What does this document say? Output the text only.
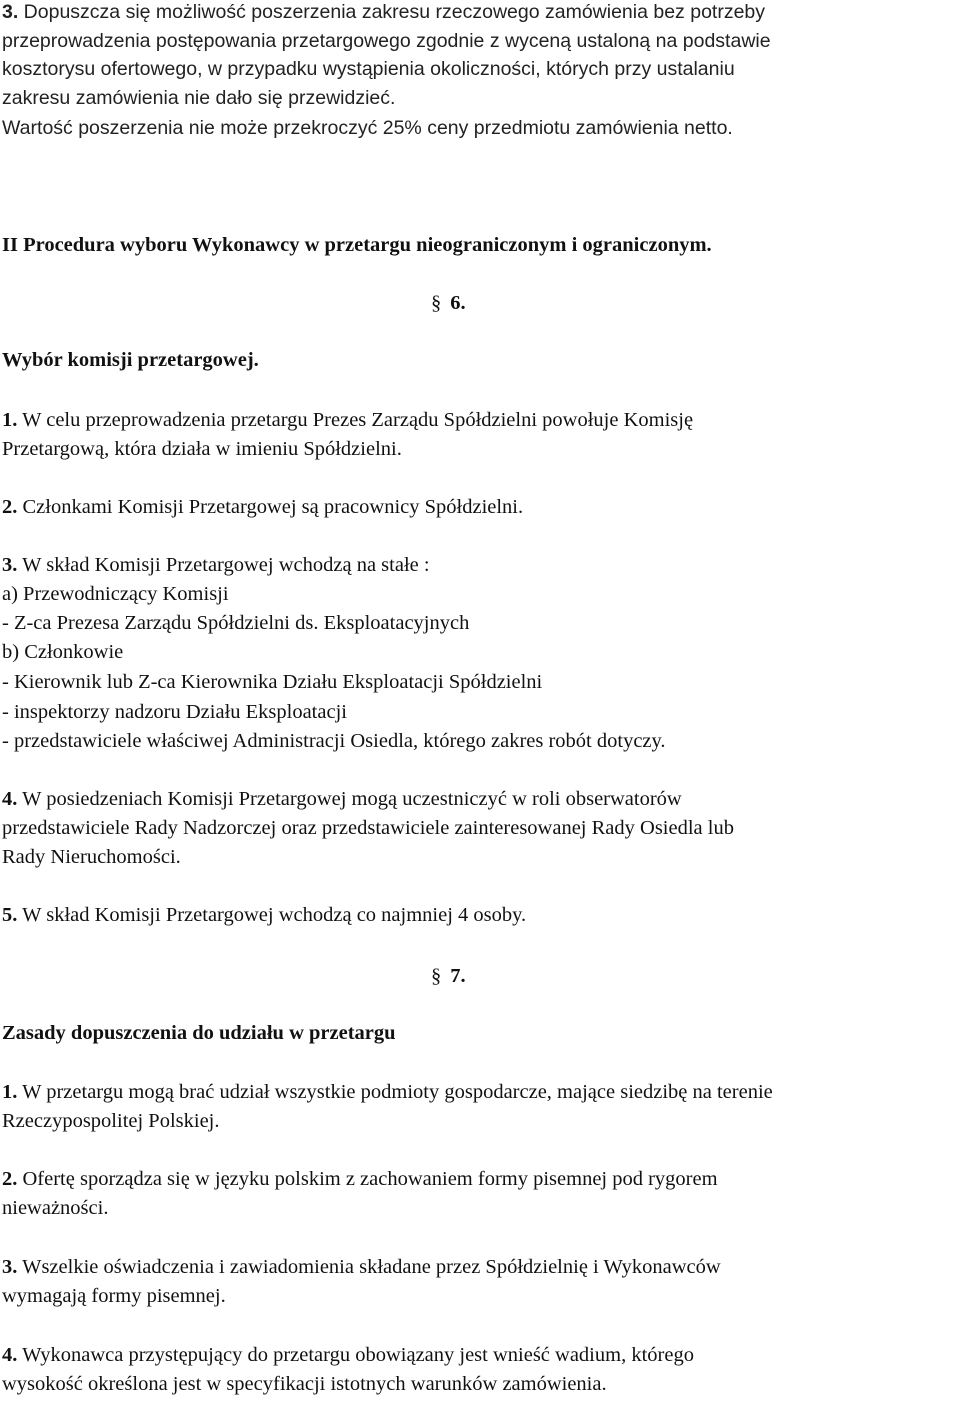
3. Dopuszcza się możliwość poszerzenia zakresu rzeczowego zamówienia bez potrzeby
przeprowadzenia postępowania przetargowego zgodnie z wyceną ustaloną na podstawie
kosztorysu ofertowego, w przypadku wystąpienia okoliczności, których przy ustalaniu
zakresu zamówienia nie dało się przewidzieć.
Wartość poszerzenia nie może przekroczyć 25% ceny przedmiotu zamówienia netto.
II Procedura wyboru Wykonawcy w przetargu nieograniczonym i ograniczonym.
§ 6.
Wybór komisji przetargowej.
1. W celu przeprowadzenia przetargu Prezes Zarządu Spółdzielni powołuje Komisję
Przetargową, która działa w imieniu Spółdzielni.
2. Członkami Komisji Przetargowej są pracownicy Spółdzielni.
3. W skład Komisji Przetargowej wchodzą na stałe :
a) Przewodniczący Komisji
- Z-ca Prezesa Zarządu Spółdzielni ds. Eksploatacyjnych
b) Członkowie
- Kierownik lub Z-ca Kierownika Działu Eksploatacji Spółdzielni
- inspektorzy nadzoru Działu Eksploatacji
- przedstawiciele właściwej Administracji Osiedla, którego zakres robót dotyczy.
4. W posiedzeniach Komisji Przetargowej mogą uczestniczyć w roli obserwatorów
przedstawiciele Rady Nadzorczej oraz przedstawiciele zainteresowanej Rady Osiedla lub
Rady Nieruchomości.
5. W skład Komisji Przetargowej wchodzą co najmniej 4 osoby.
§ 7.
Zasady dopuszczenia do udziału w przetargu
1. W przetargu mogą brać udział wszystkie podmioty gospodarcze, mające siedzibę na terenie
Rzeczypospolitej Polskiej.
2. Ofertę sporządza się w języku polskim z zachowaniem formy pisemnej pod rygorem
nieważności.
3. Wszelkie oświadczenia i zawiadomienia składane przez Spółdzielnię i Wykonawców
wymagają formy pisemnej.
4. Wykonawca przystępujący do przetargu obowiązany jest wnieść wadium, którego
wysokość określona jest w specyfikacji istotnych warunków zamówienia.
